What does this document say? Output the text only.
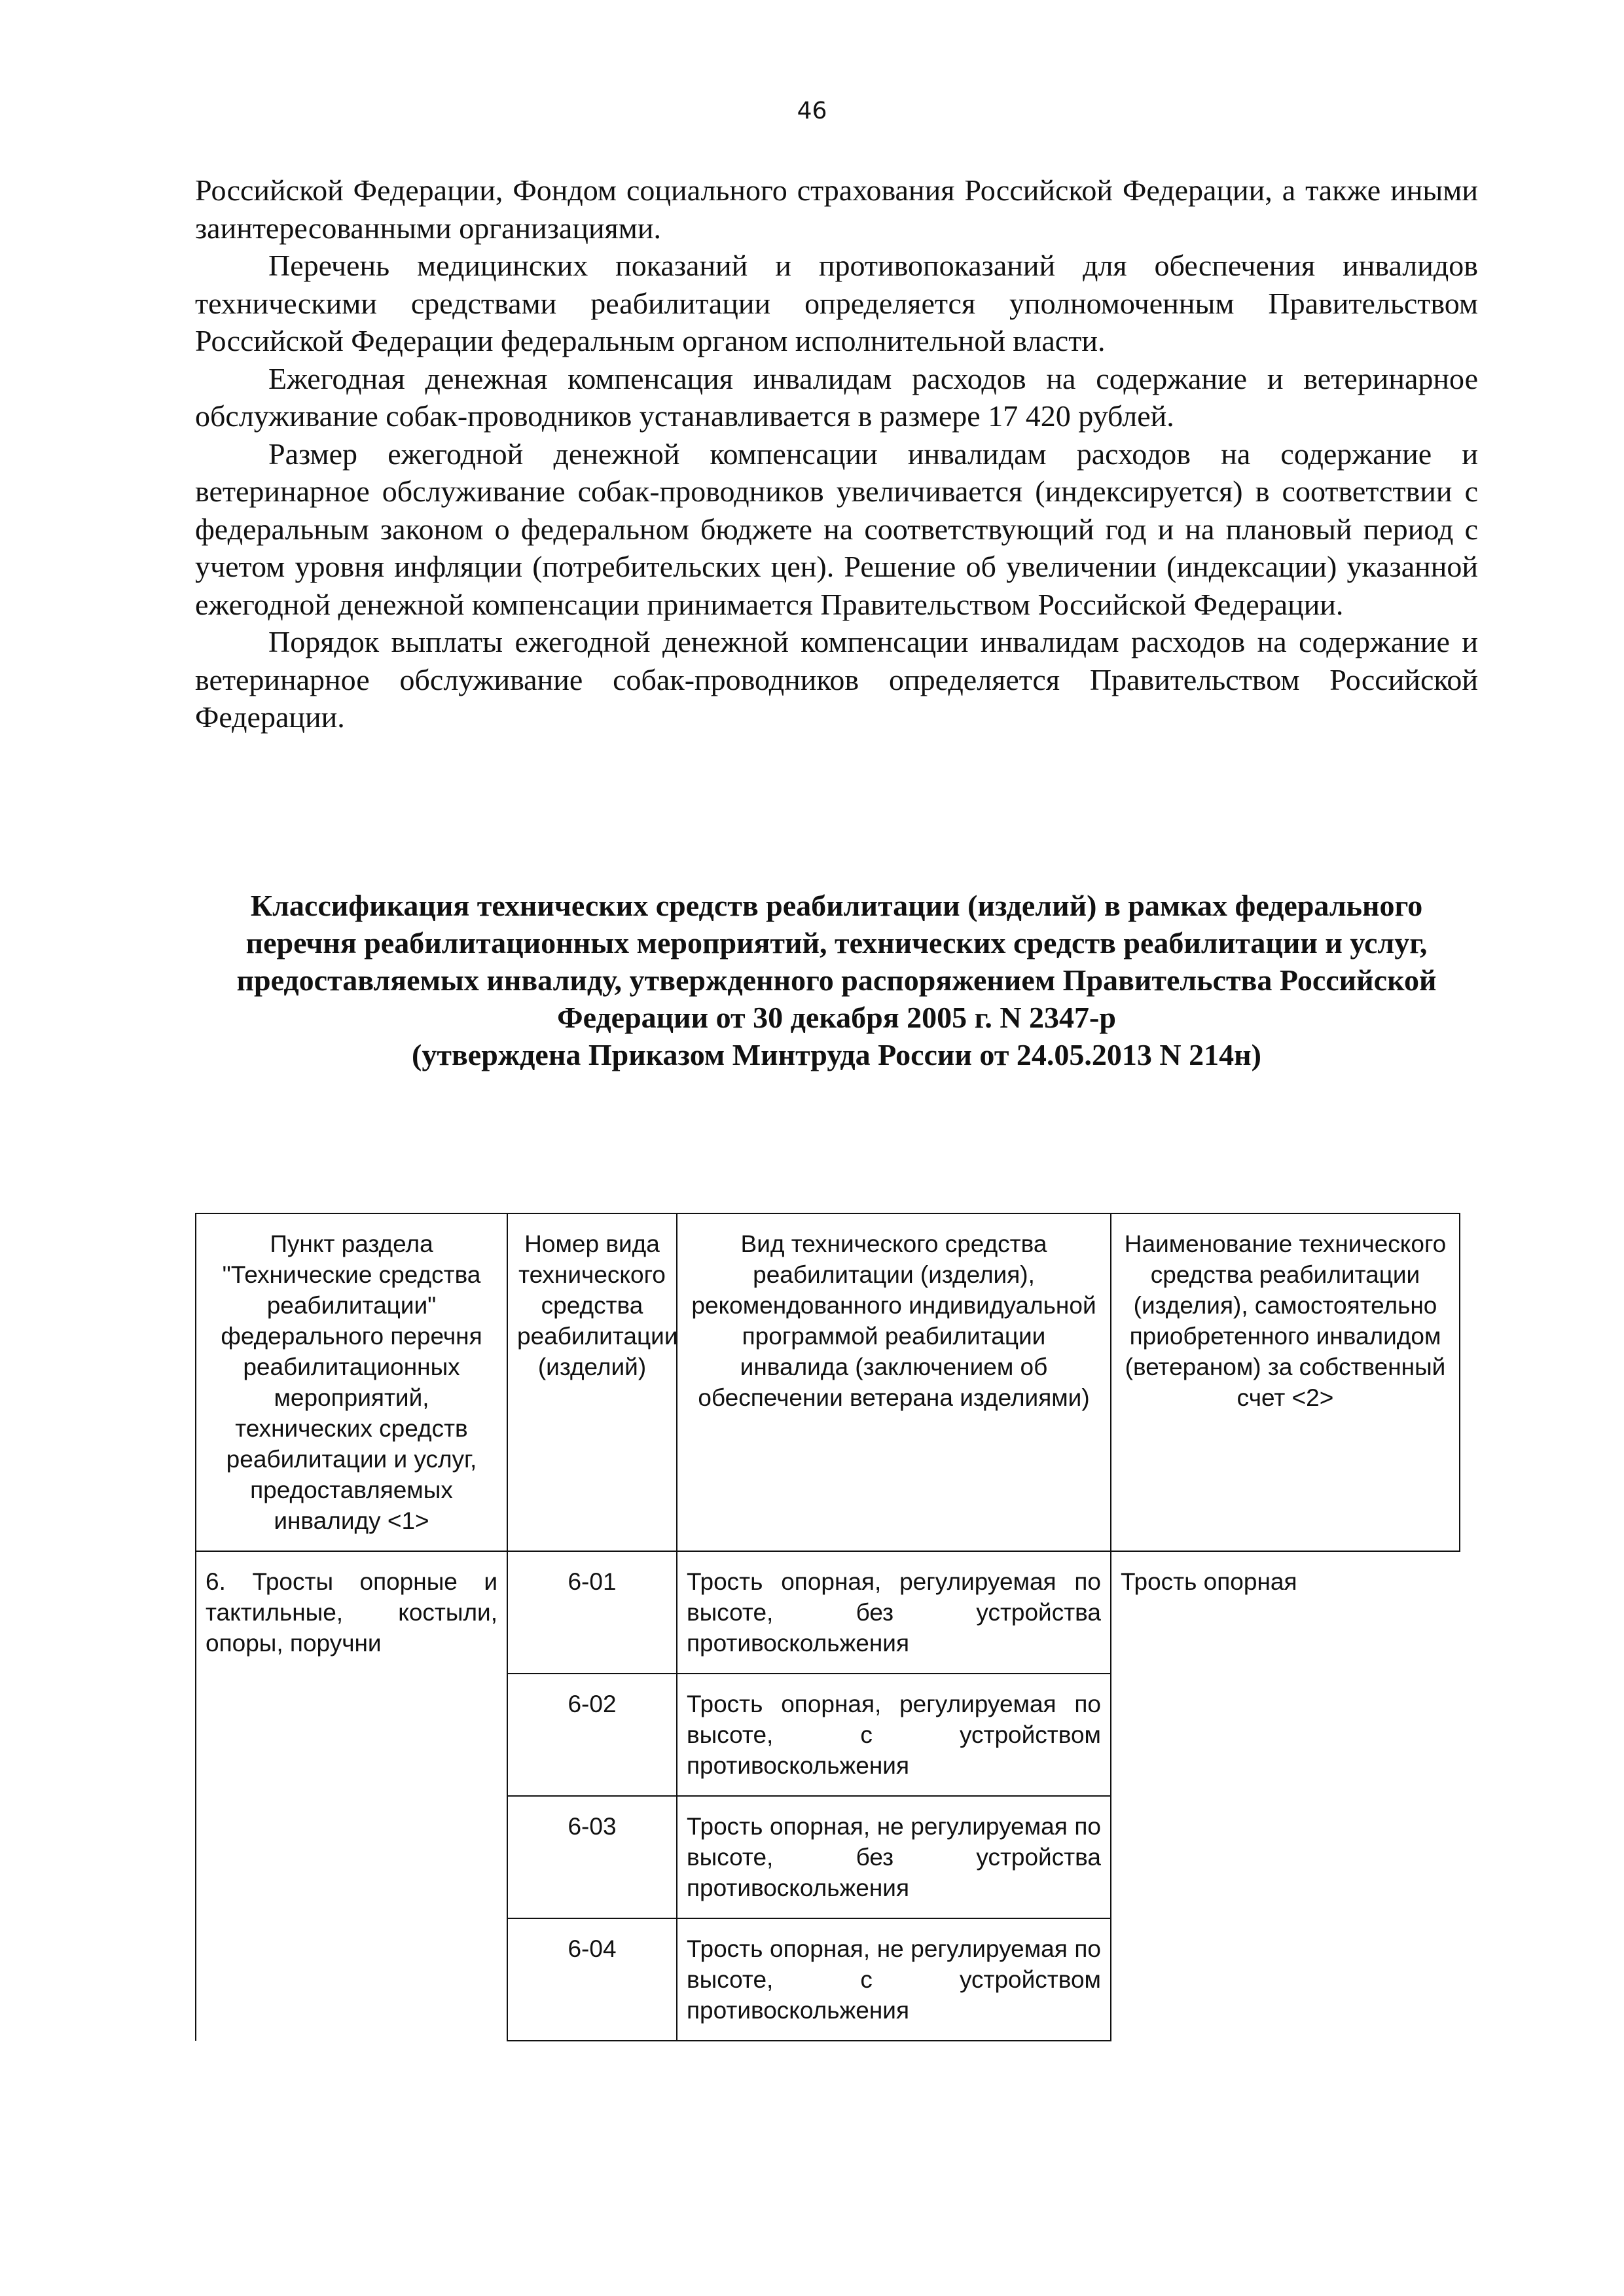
46

Российской Федерации, Фондом социального страхования Российской Федерации, а также иными заинтересованными организациями.

Перечень медицинских показаний и противопоказаний для обеспечения инвалидов техническими средствами реабилитации определяется уполномоченным Правительством Российской Федерации федеральным органом исполнительной власти.

Ежегодная денежная компенсация инвалидам расходов на содержание и ветеринарное обслуживание собак-проводников устанавливается в размере 17 420 рублей.

Размер ежегодной денежной компенсации инвалидам расходов на содержание и ветеринарное обслуживание собак-проводников увеличивается (индексируется) в соответствии с федеральным законом о федеральном бюджете на соответствующий год и на плановый период с учетом уровня инфляции (потребительских цен). Решение об увеличении (индексации) указанной ежегодной денежной компенсации принимается Правительством Российской Федерации.

Порядок выплаты ежегодной денежной компенсации инвалидам расходов на содержание и ветеринарное обслуживание собак-проводников определяется Правительством Российской Федерации.

Классификация технических средств реабилитации (изделий) в рамках федерального
перечня реабилитационных мероприятий, технических средств реабилитации и услуг,
предоставляемых инвалиду, утвержденного распоряжением Правительства Российской
Федерации от 30 декабря 2005 г. N 2347-р
(утверждена Приказом Минтруда России от 24.05.2013 N 214н)
Пункт раздела "Технические средства реабилитации" федерального перечня реабилитационных мероприятий, технических средств реабилитации и услуг, предоставляемых инвалиду <1>	Номер вида технического средства реабилитации (изделий)	Вид технического средства реабилитации (изделия), рекомендованного индивидуальной программой реабилитации инвалида (заключением об обеспечении ветерана изделиями)	Наименование технического средства реабилитации (изделия), самостоятельно приобретенного инвалидом (ветераном) за собственный счет <2>
6. Тросты опорные и тактильные, костыли, опоры, поручни	6-01	Трость опорная, регулируемая по высоте, без устройства противоскольжения	Трость опорная
	6-02	Трость опорная, регулируемая по высоте, с устройством противоскольжения	
	6-03	Трость опорная, не регулируемая по высоте, без устройства противоскольжения	
	6-04	Трость опорная, не регулируемая по высоте, с устройством противоскольжения	
